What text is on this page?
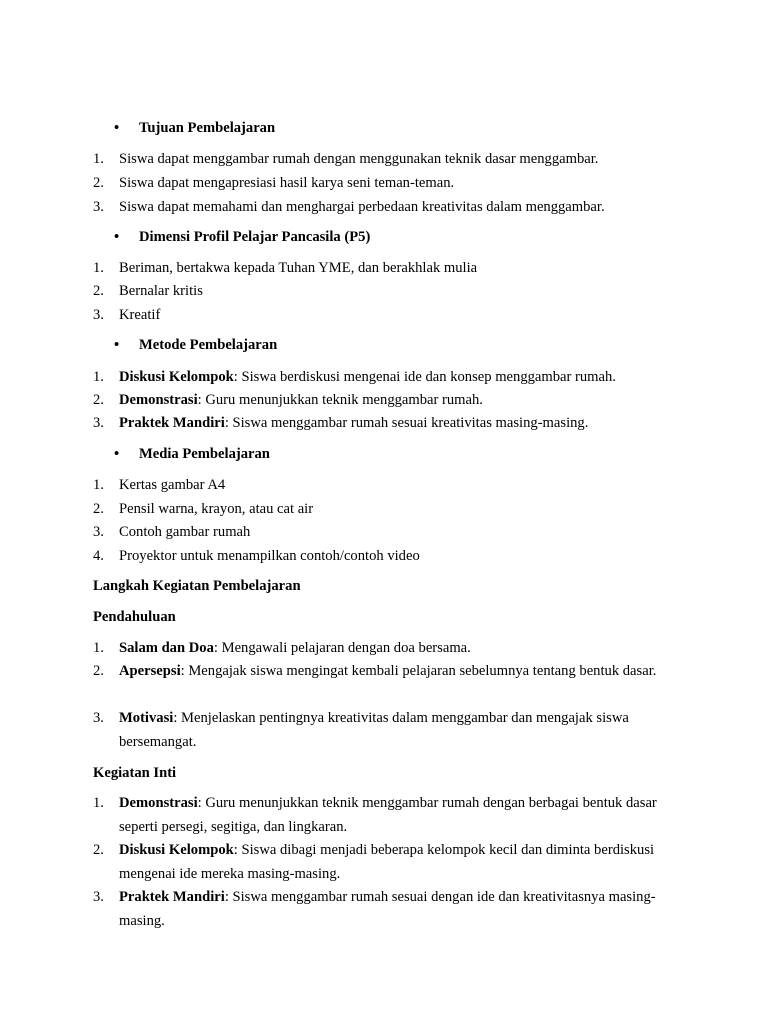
• Tujuan Pembelajaran
1. Siswa dapat menggambar rumah dengan menggunakan teknik dasar menggambar.
2. Siswa dapat mengapresiasi hasil karya seni teman-teman.
3. Siswa dapat memahami dan menghargai perbedaan kreativitas dalam menggambar.
• Dimensi Profil Pelajar Pancasila (P5)
1. Beriman, bertakwa kepada Tuhan YME, dan berakhlak mulia
2. Bernalar kritis
3. Kreatif
• Metode Pembelajaran
1. Diskusi Kelompok: Siswa berdiskusi mengenai ide dan konsep menggambar rumah.
2. Demonstrasi: Guru menunjukkan teknik menggambar rumah.
3. Praktek Mandiri: Siswa menggambar rumah sesuai kreativitas masing-masing.
• Media Pembelajaran
1. Kertas gambar A4
2. Pensil warna, krayon, atau cat air
3. Contoh gambar rumah
4. Proyektor untuk menampilkan contoh/contoh video
Langkah Kegiatan Pembelajaran
Pendahuluan
1. Salam dan Doa: Mengawali pelajaran dengan doa bersama.
2. Apersepsi: Mengajak siswa mengingat kembali pelajaran sebelumnya tentang bentuk dasar.
3. Motivasi: Menjelaskan pentingnya kreativitas dalam menggambar dan mengajak siswa bersemangat.
Kegiatan Inti
1. Demonstrasi: Guru menunjukkan teknik menggambar rumah dengan berbagai bentuk dasar seperti persegi, segitiga, dan lingkaran.
2. Diskusi Kelompok: Siswa dibagi menjadi beberapa kelompok kecil dan diminta berdiskusi mengenai ide mereka masing-masing.
3. Praktek Mandiri: Siswa menggambar rumah sesuai dengan ide dan kreativitasnya masing-masing.
